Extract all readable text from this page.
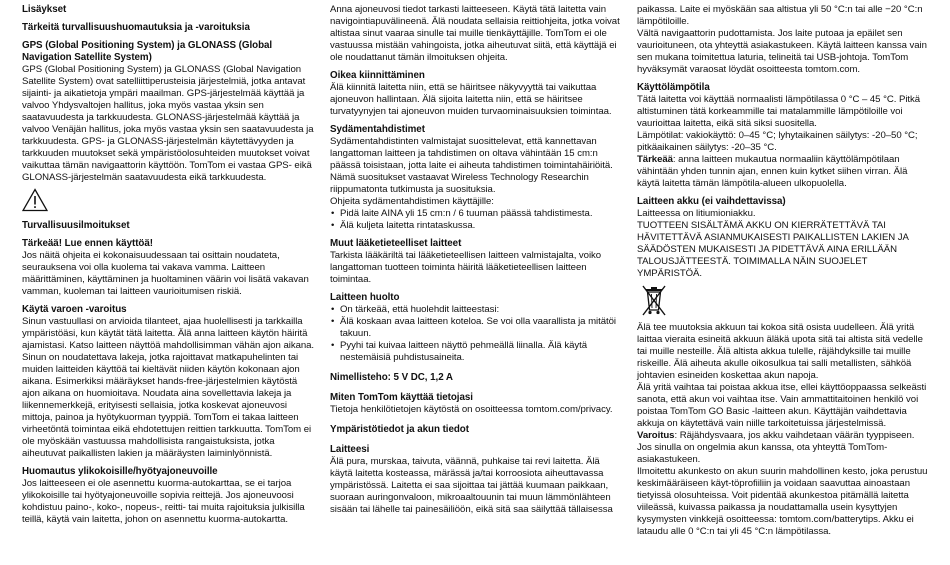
Lisäykset
Tärkeitä turvallisuushuomautuksia ja -varoituksia
GPS (Global Positioning System) ja GLONASS (Global Navigation Satellite System)

GPS (Global Positioning System) ja GLONASS (Global Navigation Satellite System) ovat satelliittiperusteisia järjestelmiä, jotka antavat sijainti- ja aikatietoja ympäri maailman. GPS-järjestelmää käyttää ja valvoo Yhdysvaltojen hallitus, joka myös vastaa yksin sen saatavuudesta ja tarkkuudesta. GLONASS-järjestelmää käyttää ja valvoo Venäjän hallitus, joka myös vastaa yksin sen saatavuudesta ja tarkkuudesta. GPS- ja GLONASS-järjestelmän käytettävyyden ja tarkkuuden muutokset sekä ympäristöolosuhteiden muutokset voivat vaikuttaa tämän navigaattorin käyttöön. TomTom ei vastaa GPS- eikä GLONASS-järjestelmän saatavuudesta eikä tarkkuudesta.

Turvallisuusilmoitukset
Tärkeää! Lue ennen käyttöä!

Jos näitä ohjeita ei kokonaisuudessaan tai osittain noudateta, seurauksena voi olla kuolema tai vakava vamma. Laitteen määrittäminen, käyttäminen ja huoltaminen väärin voi lisätä vakavan vamman, kuoleman tai laitteen vaurioitumisen riskiä.

Käytä varoen -varoitus

Sinun vastuullasi on arvioida tilanteet, ajaa huolellisesti ja tarkkailla ympäristöäsi, kun käytät tätä laitetta. Älä anna laitteen käytön häiritä ajamistasi. Katso laitteen näyttöä mahdollisimman vähän ajon aikana. Sinun on noudatettava lakeja, jotka rajoittavat matkapuhelinten tai muiden laitteiden käyttöä tai kieltävät niiden käytön kokonaan ajon aikana. Esimerkiksi määräykset hands-free-järjestelmien käytöstä ajon aikana on huomioitava. Noudata aina sovellettavia lakeja ja liikennemerkkejä, erityisesti sellaisia, jotka koskevat ajoneuvosi mittoja, painoa ja hyötykuorman tyyppiä. TomTom ei takaa laitteen virheetöntä toimintaa eikä ehdotettujen reittien tarkkuutta. TomTom ei ole myöskään vastuussa mahdollisista rangaistuksista, jotka aiheutuvat paikallisten lakien ja määräysten laiminlyönnistä.

Huomautus ylikokoisille/hyötyajoneuvoille

Jos laitteeseen ei ole asennettu kuorma-autokarttaa, se ei tarjoa ylikokoisille tai hyötyajoneuvoille sopivia reittejä. Jos ajoneuvoosi kohdistuu paino-, koko-, nopeus-, reitti- tai muita rajoituksia julkisilla teillä, käytä vain laitetta, johon on asennettu kuorma-autokartta.

Anna ajoneuvosi tiedot tarkasti laitteeseen. Käytä tätä laitetta vain navigointiapuvälineenä. Älä noudata sellaisia reittiohjeita, jotka voivat altistaa sinut vaaraa sinulle tai muille tienkäyttäjille. TomTom ei ole vastuussa mistään vahingoista, jotka aiheutuvat siitä, että käyttäjä ei ole noudattanut tämän ilmoituksen ohjeita.

Oikea kiinnittäminen

Älä kiinnitä laitetta niin, että se häiritsee näkyvyyttä tai vaikuttaa ajoneuvon hallintaan. Älä sijoita laitetta niin, että se häiritsee turvatyynyjen tai ajoneuvon muiden turvaominaisuuksien toimintaa.

Sydämentahdistimet

Sydämentahdistinten valmistajat suosittelevat, että kannettavan langattoman laitteen ja tahdistimen on oltava vähintään 15 cm:n päässä toisistaan, jotta laite ei aiheuta tahdistimen toimintahäiriöitä. Nämä suositukset vastaavat Wireless Technology Researchin riippumatonta tutkimusta ja suosituksia.

Ohjeita sydämentahdistimen käyttäjille:

• Pidä laite AINA yli 15 cm:n / 6 tuuman päässä tahdistimesta.
• Älä kuljeta laitetta rintataskussa.
Muut lääketieteelliset laitteet

Tarkista lääkäriltä tai lääketieteellisen laitteen valmistajalta, voiko langattoman tuotteen toiminta häiritä lääketieteellisen laitteen toimintaa.

Laitteen huolto
• On tärkeää, että huolehdit laitteestasi:
• Älä koskaan avaa laitteen koteloa. Se voi olla vaarallista ja mitätöi takuun.
• Pyyhi tai kuivaa laitteen näyttö pehmeällä liinalla. Älä käytä nestemäisiä puhdistusaineita.
Nimellisteho: 5 V DC, 1,2 A
Miten TomTom käyttää tietojasi

Tietoja henkilötietojen käytöstä on osoitteessa tomtom.com/privacy.

Ympäristötiedot ja akun tiedot
Laitteesi

Älä pura, murskaa, taivuta, väännä, puhkaise tai revi laitetta. Älä käytä laitetta kosteassa, märässä ja/tai korroosiota aiheuttavassa ympäristössä. Laitetta ei saa sijoittaa tai jättää kuumaan paikkaan, suoraan auringonvaloon, mikroaaltouunin tai muun lämmönlähteen sisään tai lähelle tai painesäiliöön, eikä sitä saa säilyttää tällaisessa

paikassa. Laite ei myöskään saa altistua yli 50 °C:n tai alle −20 °C:n lämpötiloille.
Vältä navigaattorin pudottamista. Jos laite putoaa ja epäilet sen vaurioituneen, ota yhteyttä asiakastukeen. Käytä laitteen kanssa vain sen mukana toimitettua laturia, telineitä tai USB-johtoja. TomTom hyväksymät varaosat löydät osoitteesta tomtom.com.

Käyttölämpötila

Tätä laitetta voi käyttää normaalisti lämpötilassa 0 °C – 45 °C. Pitkä altistuminen tätä korkeammille tai matalammille lämpötiloille voi vaurioittaa laitetta, eikä sitä siksi suositella.
Lämpötilat: vakiokäyttö: 0–45 °C; lyhytaikainen säilytys: -20–50 °C; pitkäaikainen säilytys: -20–35 °C.

Tärkeää: anna laitteen mukautua normaaliin käyttölämpötilaan vähintään yhden tunnin ajan, ennen kuin kytket siihen virran. Älä käytä laitetta tämän lämpötila-alueen ulkopuolella.

Laitteen akku (ei vaihdettavissa)

Laitteessa on litiumioniakku.
TUOTTEEN SISÄLTÄMÄ AKKU ON KIERRÄTETTÄVÄ TAI HÄVITETTÄVÄ ASIANMUKAISESTI PAIKALLISTEN LAKIEN JA SÄÄDÖSTEN MUKAISESTI JA PIDETTÄVÄ AINA ERILLÄÄN TALOUSJÄTTEESTÄ. TOIMIMALLA NÄIN SUOJELET YMPÄRISTÖÄ.

Älä tee muutoksia akkuun tai kokoa sitä osista uudelleen. Älä yritä laittaa vieraita esineitä akkuun äläkä upota sitä tai altista sitä vedelle tai muille nesteille. Älä altista akkua tulelle, räjähdyksille tai muille riskeille. Älä aiheuta akulle oikosulkua tai salli metallisten, sähköä johtavien esineiden koskettaa akun napoja.
Älä yritä vaihtaa tai poistaa akkua itse, ellei käyttöoppaassa selkeästi sanota, että akun voi vaihtaa itse. Vain ammattitaitoinen henkilö voi poistaa TomTom GO Basic -laitteen akun. Käyttäjän vaihdettavia akkuja on käytettävä vain niille tarkoitetuissa järjestelmissä.

Varoitus: Räjähdysvaara, jos akku vaihdetaan väärän tyyppiseen.
Jos sinulla on ongelmia akun kanssa, ota yhteyttä TomTom-asiakastukeen.
Ilmoitettu akunkesto on akun suurin mahdollinen kesto, joka perustuu keskimääräiseen käyt-töprofiiliin ja voidaan saavuttaa ainoastaan tietyissä olosuhteissa. Voit pidentää akunkestoa pitämällä laitetta viileässä, kuivassa paikassa ja noudattamalla usein kysyttyjen kysymysten vinkkejä osoitteessa: tomtom.com/batterytips. Akku ei lataudu alle 0 °C:n tai yli 45 °C:n lämpötilassa.
